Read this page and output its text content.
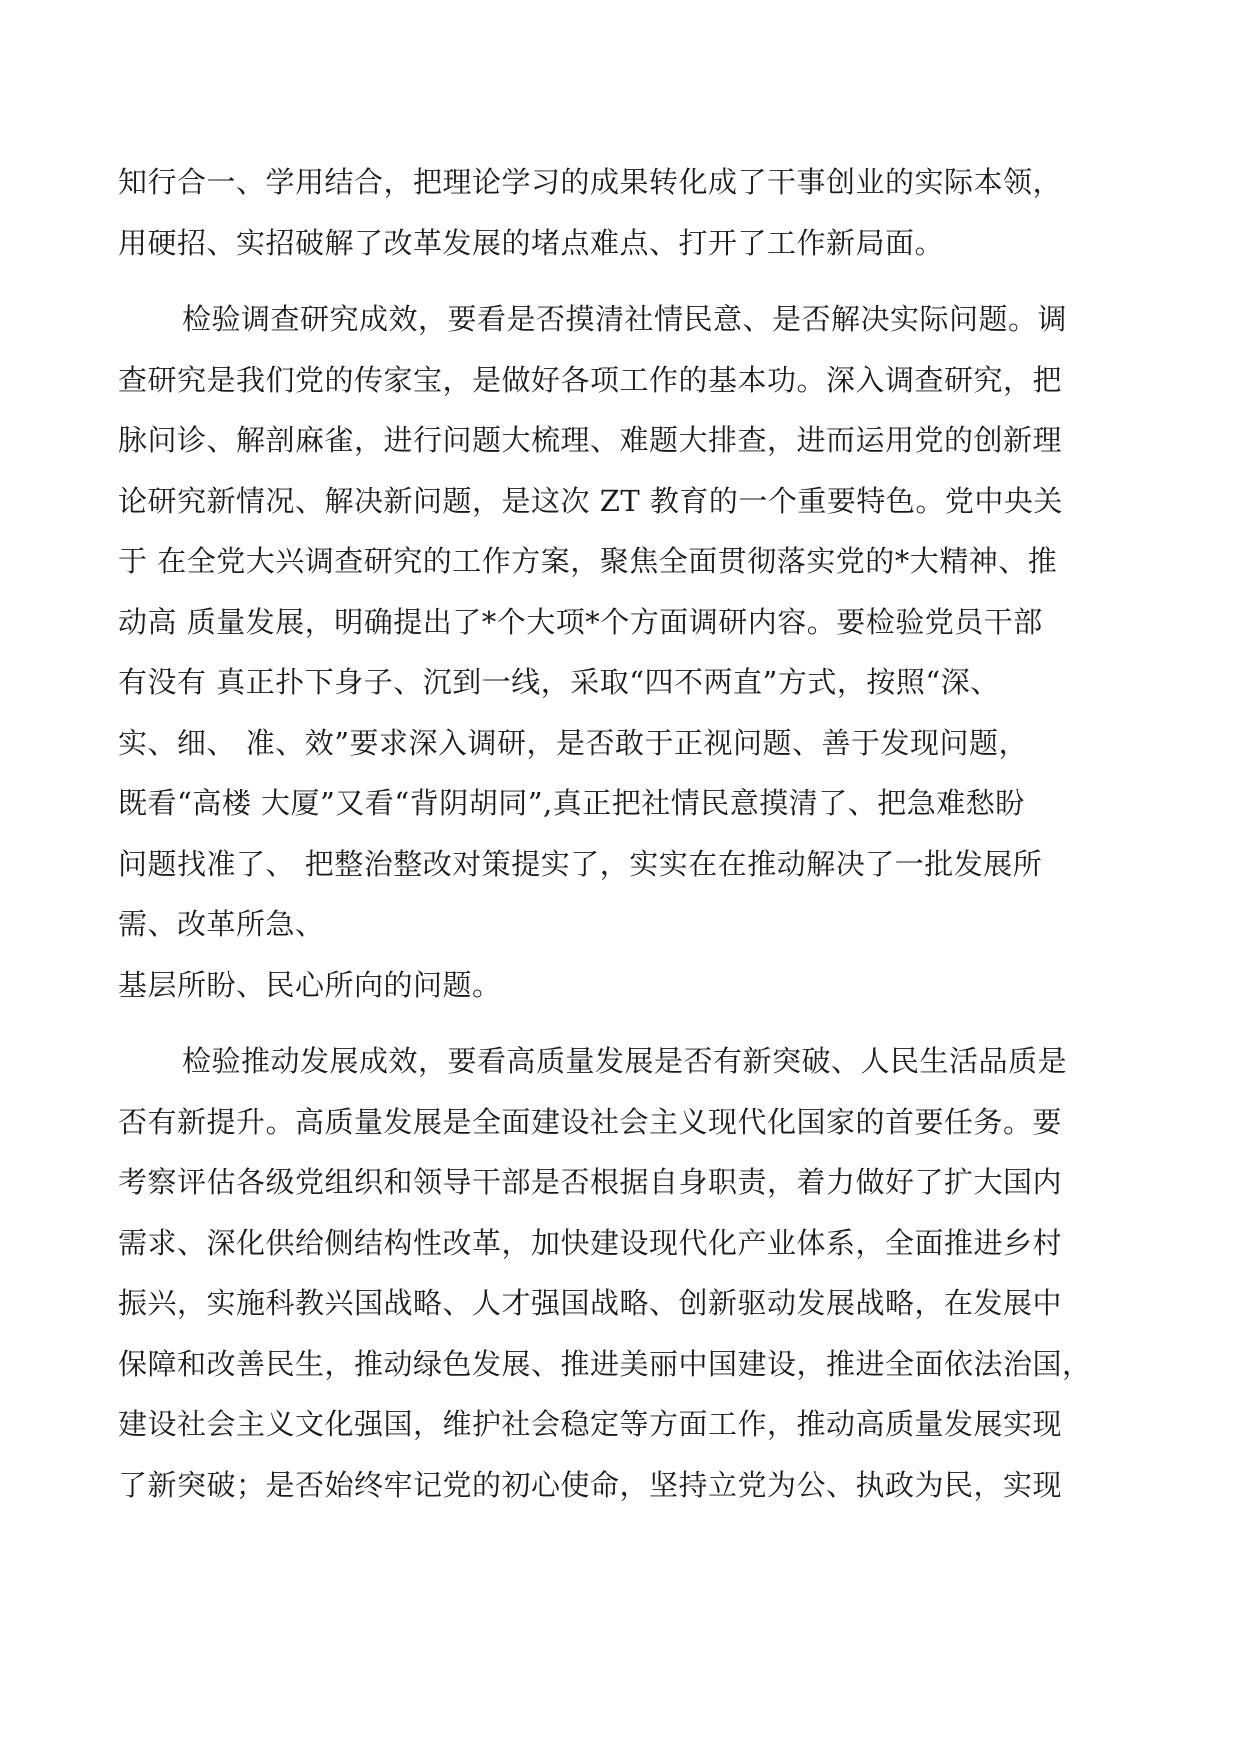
知行合一、学用结合，把理论学习的成果转化成了干事创业的实际本领，
用硬招、实招破解了改革发展的堵点难点、打开了工作新局面。
检验调查研究成效，要看是否摸清社情民意、是否解决实际问题。调
查研究是我们党的传家宝，是做好各项工作的基本功。深入调查研究，把
脉问诊、解剖麻雀，进行问题大梳理、难题大排查，进而运用党的创新理
论研究新情况、解决新问题，是这次 ZT 教育的一个重要特色。党中央关
于 在全党大兴调查研究的工作方案，聚焦全面贯彻落实党的*大精神、推
动高 质量发展，明确提出了*个大项*个方面调研内容。要检验党员干部
有没有 真正扑下身子、沉到一线，采取“四不两直”方式，按照“深、
实、细、 准、效”要求深入调研，是否敢于正视问题、善于发现问题，
既看“高楼 大厦”又看“背阴胡同”,真正把社情民意摸清了、把急难愁盼
问题找准了、 把整治整改对策提实了，实实在在推动解决了一批发展所
需、改革所急、
基层所盼、民心所向的问题。
检验推动发展成效，要看高质量发展是否有新突破、人民生活品质是
否有新提升。高质量发展是全面建设社会主义现代化国家的首要任务。要
考察评估各级党组织和领导干部是否根据自身职责，着力做好了扩大国内
需求、深化供给侧结构性改革，加快建设现代化产业体系，全面推进乡村
振兴，实施科教兴国战略、人才强国战略、创新驱动发展战略，在发展中
保障和改善民生，推动绿色发展、推进美丽中国建设，推进全面依法治国，
建设社会主义文化强国，维护社会稳定等方面工作，推动高质量发展实现
了新突破；是否始终牢记党的初心使命，坚持立党为公、执政为民，实现
